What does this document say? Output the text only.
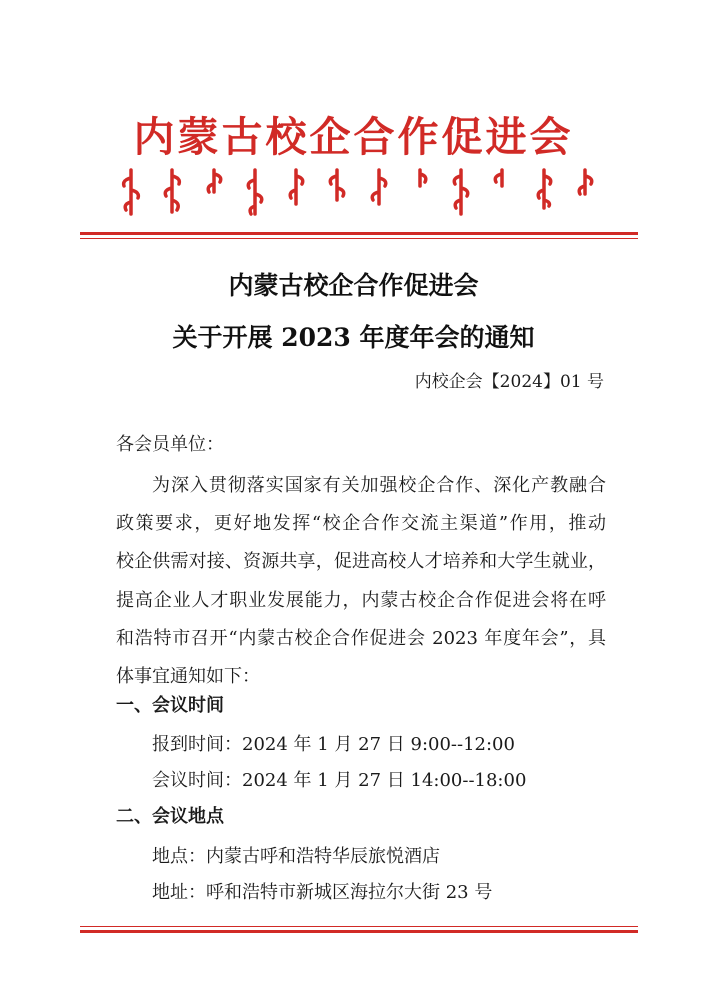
内蒙古校企合作促进会
内蒙古校企合作促进会
关于开展 2023 年度年会的通知
内校企会【2024】01 号
各会员单位：
为深入贯彻落实国家有关加强校企合作、深化产教融合
政策要求，更好地发挥“校企合作交流主渠道”作用，推动
校企供需对接、资源共享，促进高校人才培养和大学生就业，
提高企业人才职业发展能力，内蒙古校企合作促进会将在呼
和浩特市召开“内蒙古校企合作促进会 2023 年度年会”，具
体事宜通知如下：
一、会议时间
报到时间：2024 年 1 月 27 日 9:00--12:00
会议时间：2024 年 1 月 27 日 14:00--18:00
二、会议地点
地点：内蒙古呼和浩特华辰旅悦酒店
地址：呼和浩特市新城区海拉尔大街 23 号
